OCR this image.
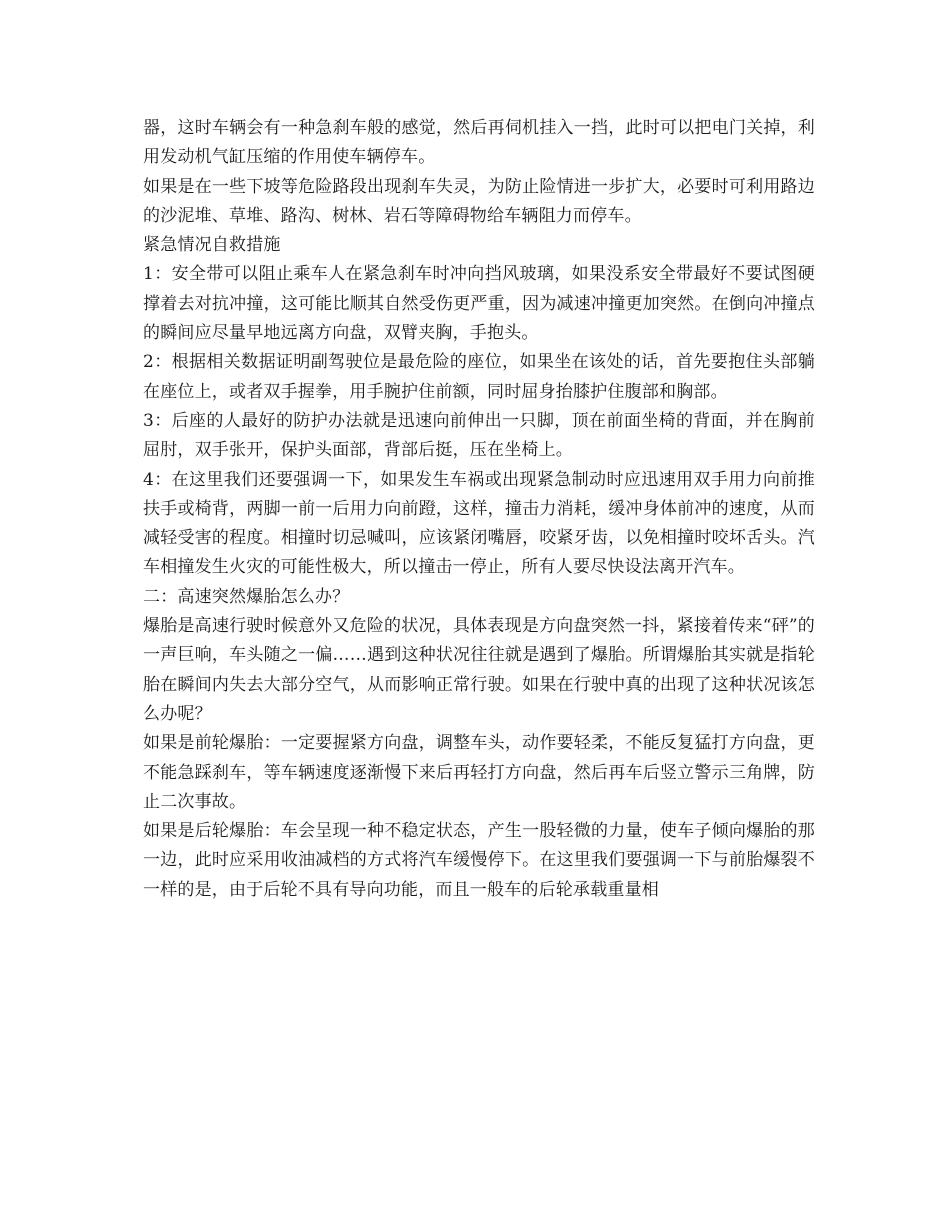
器，这时车辆会有一种急刹车般的感觉，然后再伺机挂入一挡，此时可以把电门关掉，利用发动机气缸压缩的作用使车辆停车。

如果是在一些下坡等危险路段出现刹车失灵，为防止险情进一步扩大，必要时可利用路边的沙泥堆、草堆、路沟、树林、岩石等障碍物给车辆阻力而停车。

紧急情况自救措施

1：安全带可以阻止乘车人在紧急刹车时冲向挡风玻璃，如果没系安全带最好不要试图硬撑着去对抗冲撞，这可能比顺其自然受伤更严重，因为减速冲撞更加突然。在倒向冲撞点的瞬间应尽量早地远离方向盘，双臂夹胸，手抱头。

2：根据相关数据证明副驾驶位是最危险的座位，如果坐在该处的话，首先要抱住头部躺在座位上，或者双手握拳，用手腕护住前额，同时屈身抬膝护住腹部和胸部。

3：后座的人最好的防护办法就是迅速向前伸出一只脚，顶在前面坐椅的背面，并在胸前屈肘，双手张开，保护头面部，背部后挺，压在坐椅上。

4：在这里我们还要强调一下，如果发生车祸或出现紧急制动时应迅速用双手用力向前推扶手或椅背，两脚一前一后用力向前蹬，这样，撞击力消耗，缓冲身体前冲的速度，从而减轻受害的程度。相撞时切忌喊叫，应该紧闭嘴唇，咬紧牙齿，以免相撞时咬坏舌头。汽车相撞发生火灾的可能性极大，所以撞击一停止，所有人要尽快设法离开汽车。

二：高速突然爆胎怎么办？

爆胎是高速行驶时候意外又危险的状况，具体表现是方向盘突然一抖，紧接着传来“砰”的一声巨响，车头随之一偏……遇到这种状况往往就是遇到了爆胎。所谓爆胎其实就是指轮胎在瞬间内失去大部分空气，从而影响正常行驶。如果在行驶中真的出现了这种状况该怎么办呢？

如果是前轮爆胎：一定要握紧方向盘，调整车头，动作要轻柔，不能反复猛打方向盘，更不能急踩刹车，等车辆速度逐渐慢下来后再轻打方向盘，然后再车后竖立警示三角牌，防止二次事故。

如果是后轮爆胎：车会呈现一种不稳定状态，产生一股轻微的力量，使车子倾向爆胎的那一边，此时应采用收油减档的方式将汽车缓慢停下。在这里我们要强调一下与前胎爆裂不一样的是，由于后轮不具有导向功能，而且一般车的后轮承载重量相
